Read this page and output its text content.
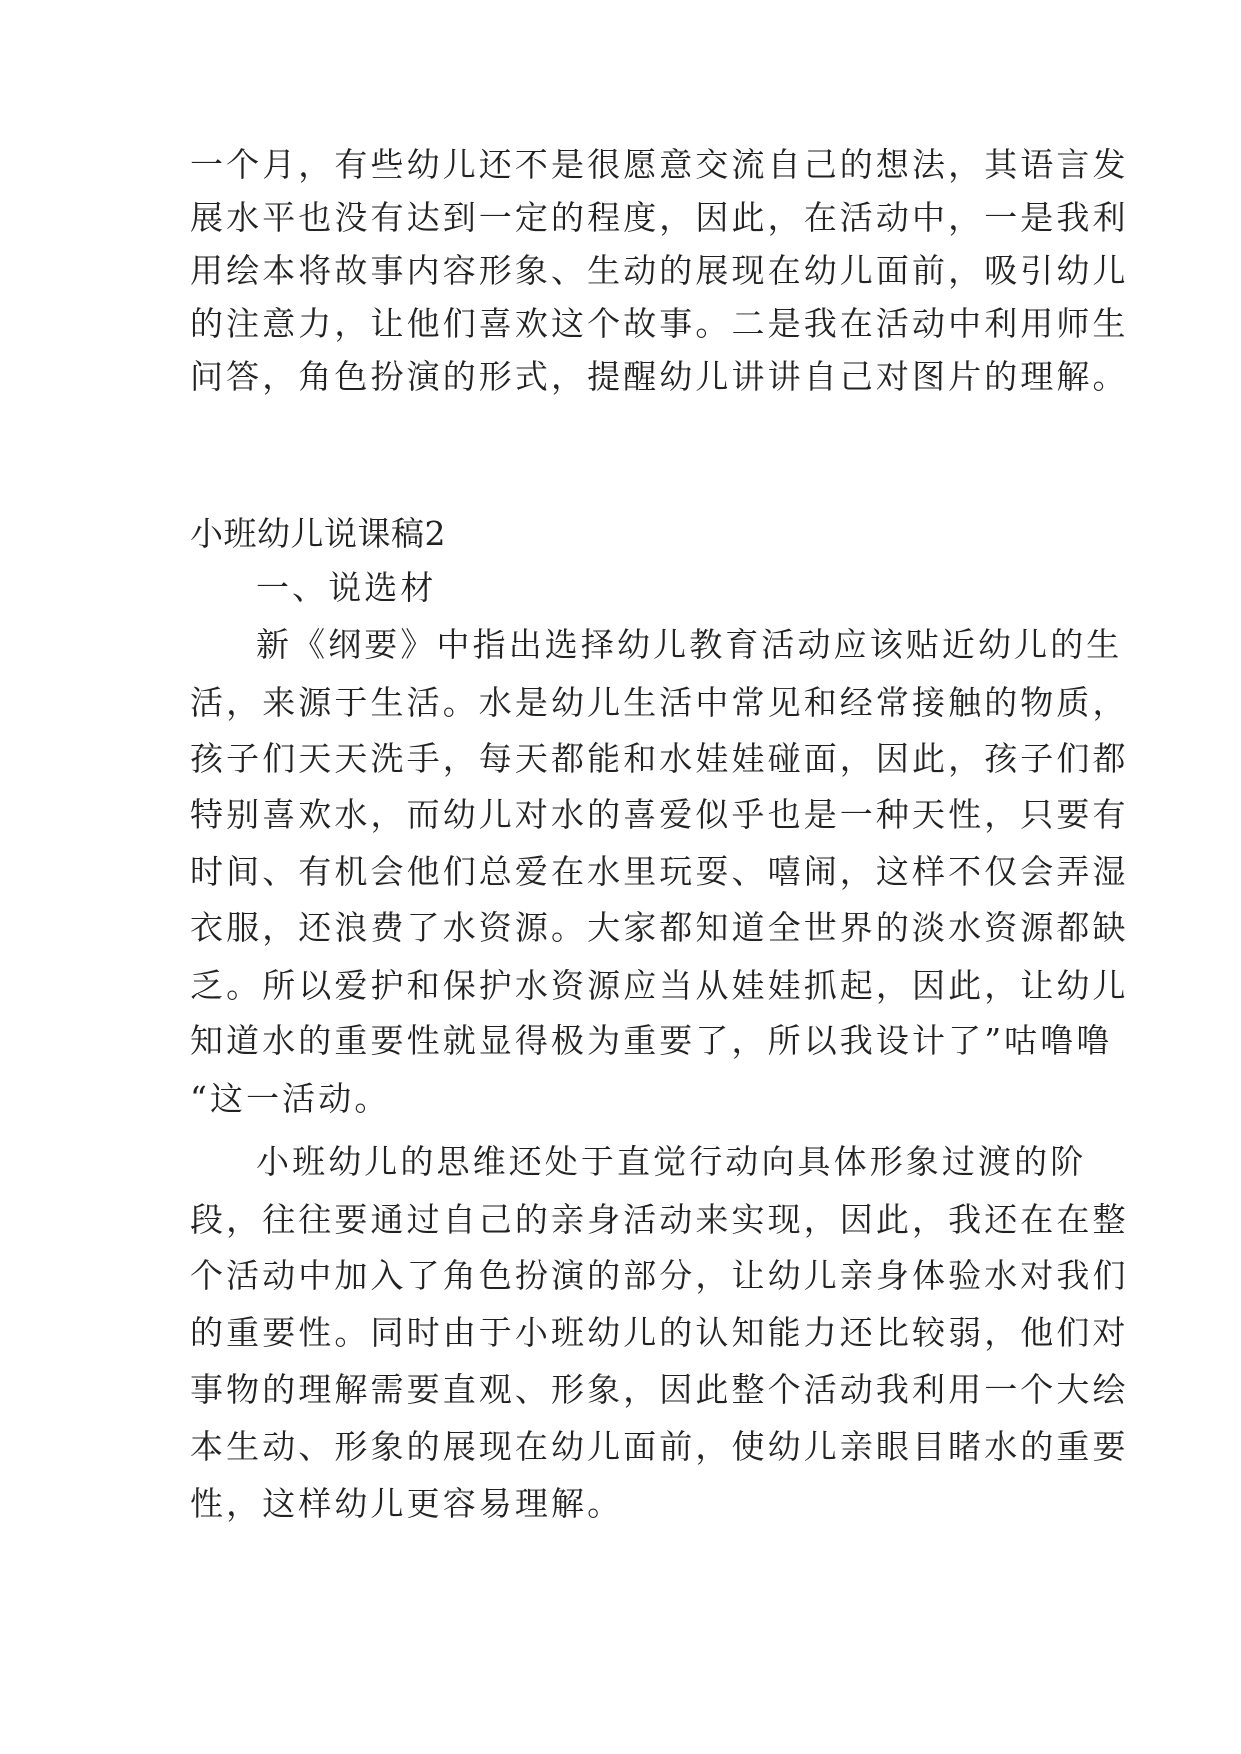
一个月，有些幼儿还不是很愿意交流自己的想法，其语言发
展水平也没有达到一定的程度，因此，在活动中，一是我利
用绘本将故事内容形象、生动的展现在幼儿面前，吸引幼儿
的注意力，让他们喜欢这个故事。二是我在活动中利用师生
问答，角色扮演的形式，提醒幼儿讲讲自己对图片的理解。
小班幼儿说课稿2
一、说选材
新《纲要》中指出选择幼儿教育活动应该贴近幼儿的生
活，来源于生活。水是幼儿生活中常见和经常接触的物质，
孩子们天天洗手，每天都能和水娃娃碰面，因此，孩子们都
特别喜欢水，而幼儿对水的喜爱似乎也是一种天性，只要有
时间、有机会他们总爱在水里玩耍、嘻闹，这样不仅会弄湿
衣服，还浪费了水资源。大家都知道全世界的淡水资源都缺
乏。所以爱护和保护水资源应当从娃娃抓起，因此，让幼儿
知道水的重要性就显得极为重要了，所以我设计了”咕噜噜
“这一活动。
小班幼儿的思维还处于直觉行动向具体形象过渡的阶
段，往往要通过自己的亲身活动来实现，因此，我还在在整
个活动中加入了角色扮演的部分，让幼儿亲身体验水对我们
的重要性。同时由于小班幼儿的认知能力还比较弱，他们对
事物的理解需要直观、形象，因此整个活动我利用一个大绘
本生动、形象的展现在幼儿面前，使幼儿亲眼目睹水的重要
性，这样幼儿更容易理解。
